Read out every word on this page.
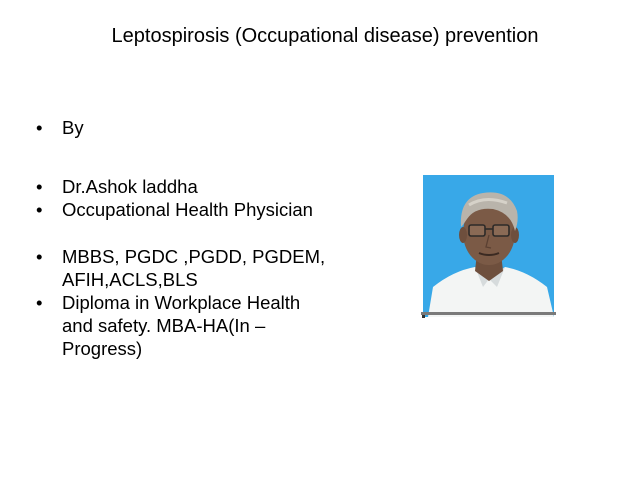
Leptospirosis (Occupational disease) prevention
• By
• Dr.Ashok laddha
• Occupational Health Physician
• MBBS, PGDC ,PGDD, PGDEM, AFIH,ACLS,BLS
• Diploma in Workplace Health and safety. MBA-HA(In –Progress)
